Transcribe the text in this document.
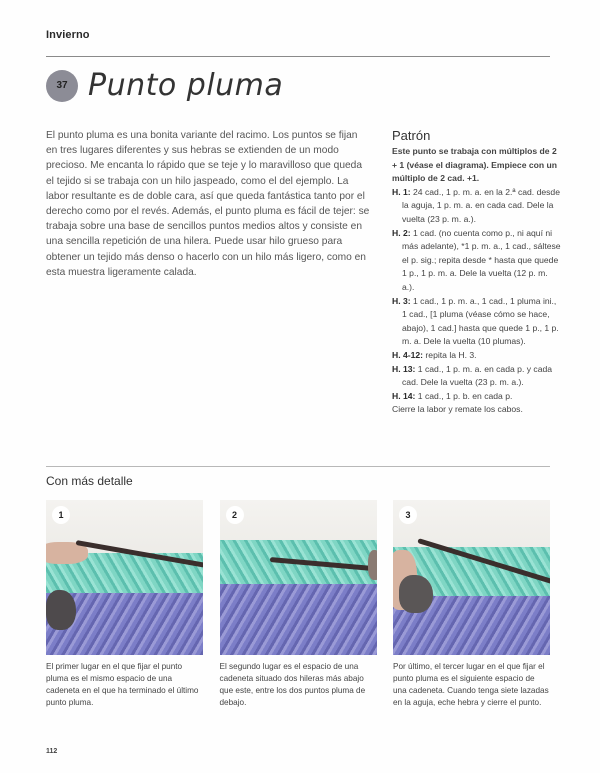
Invierno
37 Punto pluma

El punto pluma es una bonita variante del racimo. Los puntos se fijan en tres lugares diferentes y sus hebras se extienden de un modo precioso. Me encanta lo rápido que se teje y lo maravilloso que queda el tejido si se trabaja con un hilo jaspeado, como el del ejemplo. La labor resultante es de doble cara, así que queda fantástica tanto por el derecho como por el revés. Además, el punto pluma es fácil de tejer: se trabaja sobre una base de sencillos puntos medios altos y consiste en una sencilla repetición de una hilera. Puede usar hilo grueso para obtener un tejido más denso o hacerlo con un hilo más ligero, como en esta muestra ligeramente calada.

Patrón
Este punto se trabaja con múltiplos de 2 + 1 (véase el diagrama). Empiece con un múltiplo de 2 cad. +1.
H. 1: 24 cad., 1 p. m. a. en la 2.ª cad. desde la aguja, 1 p. m. a. en cada cad. Dele la vuelta (23 p. m. a.).
H. 2: 1 cad. (no cuenta como p., ni aquí ni más adelante), *1 p. m. a., 1 cad., sáltese el p. sig.; repita desde * hasta que quede 1 p., 1 p. m. a. Dele la vuelta (12 p. m. a.).
H. 3: 1 cad., 1 p. m. a., 1 cad., 1 pluma ini., 1 cad., [1 pluma (véase cómo se hace, abajo), 1 cad.] hasta que quede 1 p., 1 p. m. a. Dele la vuelta (10 plumas).
H. 4-12: repita la H. 3.
H. 13: 1 cad., 1 p. m. a. en cada p. y cada cad. Dele la vuelta (23 p. m. a.).
H. 14: 1 cad., 1 p. b. en cada p.
Cierre la labor y remate los cabos.
Con más detalle
1
El primer lugar en el que fijar el punto pluma es el mismo espacio de una cadeneta en el que ha terminado el último punto pluma.
2
El segundo lugar es el espacio de una cadeneta situado dos hileras más abajo que este, entre los dos puntos pluma de debajo.
3
Por último, el tercer lugar en el que fijar el punto pluma es el siguiente espacio de una cadeneta. Cuando tenga siete lazadas en la aguja, eche hebra y cierre el punto.
112
